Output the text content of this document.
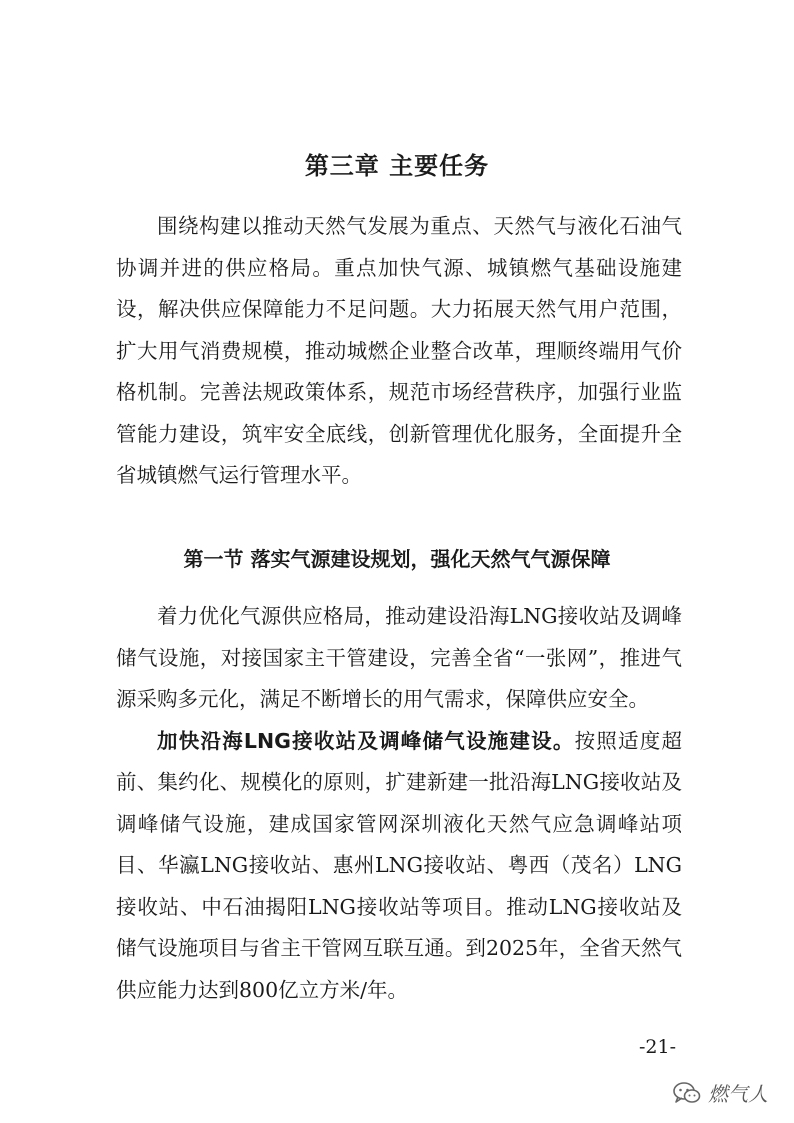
第三章 主要任务

围绕构建以推动天然气发展为重点、天然气与液化石油气协调并进的供应格局。重点加快气源、城镇燃气基础设施建设，解决供应保障能力不足问题。大力拓展天然气用户范围，扩大用气消费规模，推动城燃企业整合改革，理顺终端用气价格机制。完善法规政策体系，规范市场经营秩序，加强行业监管能力建设，筑牢安全底线，创新管理优化服务，全面提升全省城镇燃气运行管理水平。

第一节 落实气源建设规划，强化天然气气源保障

着力优化气源供应格局，推动建设沿海LNG接收站及调峰储气设施，对接国家主干管建设，完善全省“一张网”，推进气源采购多元化，满足不断增长的用气需求，保障供应安全。

加快沿海LNG接收站及调峰储气设施建设。按照适度超前、集约化、规模化的原则，扩建新建一批沿海LNG接收站及调峰储气设施，建成国家管网深圳液化天然气应急调峰站项目、华瀛LNG接收站、惠州LNG接收站、粤西（茂名）LNG接收站、中石油揭阳LNG接收站等项目。推动LNG接收站及储气设施项目与省主干管网互联互通。到2025年，全省天然气供应能力达到800亿立方米/年。

-21-

燃气人
